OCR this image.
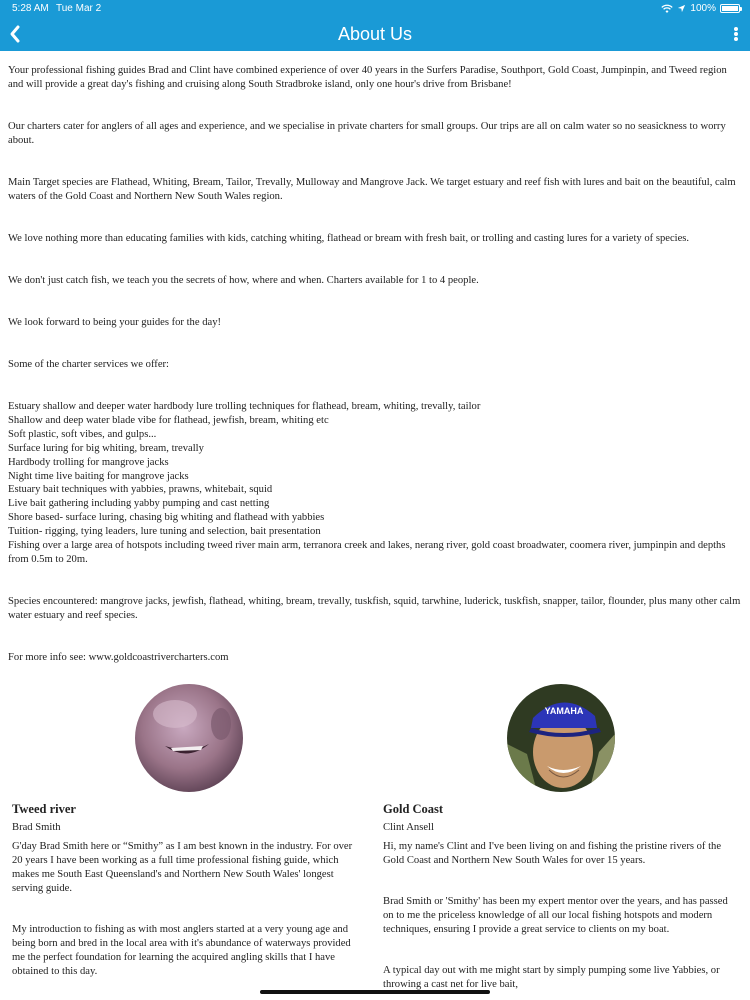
5:28 AM Tue Mar 2	100%
About Us

Your professional fishing guides Brad and Clint have combined experience of over 40 years in the Surfers Paradise, Southport, Gold Coast, Jumpinpin, and Tweed region and will provide a great day's fishing and cruising along South Stradbroke island, only one hour's drive from Brisbane!

Our charters cater for anglers of all ages and experience, and we specialise in private charters for small groups. Our trips are all on calm water so no seasickness to worry about.

Main Target species are Flathead, Whiting, Bream, Tailor, Trevally, Mulloway and Mangrove Jack. We target estuary and reef fish with lures and bait on the beautiful, calm waters of the Gold Coast and Northern New South Wales region.

We love nothing more than educating families with kids, catching whiting, flathead or bream with fresh bait, or trolling and casting lures for a variety of species.

We don't just catch fish, we teach you the secrets of how, where and when. Charters available for 1 to 4 people.

We look forward to being your guides for the day!

Some of the charter services we offer:

Estuary shallow and deeper water hardbody lure trolling techniques for flathead, bream, whiting, trevally, tailor
Shallow and deep water blade vibe for flathead, jewfish, bream, whiting etc
Soft plastic, soft vibes, and gulps...
Surface luring for big whiting, bream, trevally
Hardbody trolling for mangrove jacks
Night time live baiting for mangrove jacks
Estuary bait techniques with yabbies, prawns, whitebait, squid
Live bait gathering including yabby pumping and cast netting
Shore based- surface luring, chasing big whiting and flathead with yabbies
Tuition- rigging, tying leaders, lure tuning and selection, bait presentation
Fishing over a large area of hotspots including tweed river main arm, terranora creek and lakes, nerang river, gold coast broadwater, coomera river, jumpinpin and depths from 0.5m to 20m.

Species encountered: mangrove jacks, jewfish, flathead, whiting, bream, trevally, tuskfish, squid, tarwhine, luderick, tuskfish, snapper, tailor, flounder, plus many other calm water estuary and reef species.

For more info see: www.goldcoastrivercharters.com

Tweed river
Brad Smith

G'day Brad Smith here or “Smithy” as I am best known in the industry. For over 20 years I have been working as a full time professional fishing guide, which makes me South East Queensland's and Northern New South Wales' longest serving guide.

My introduction to fishing as with most anglers started at a very young age and being born and bred in the local area with it's abundance of waterways provided me the perfect foundation for learning the acquired angling skills that I have obtained to this day.

YAMAHA
Gold Coast
Clint Ansell

Hi, my name's Clint and I've been living on and fishing the pristine rivers of the Gold Coast and Northern New South Wales for over 15 years.

Brad Smith or 'Smithy' has been my expert mentor over the years, and has passed on to me the priceless knowledge of all our local fishing hotspots and modern techniques, ensuring I provide a great service to clients on my boat.

A typical day out with me might start by simply pumping some live Yabbies, or throwing a cast net for live bait,
